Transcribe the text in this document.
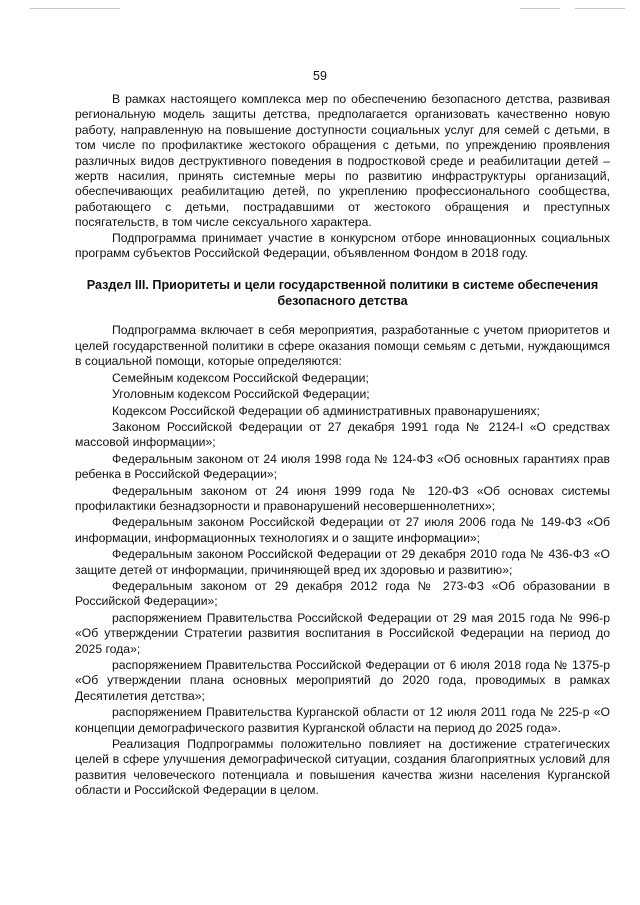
59

В рамках настоящего комплекса мер по обеспечению безопасного детства, развивая региональную модель защиты детства, предполагается организовать качественно новую работу, направленную на повышение доступности социальных услуг для семей с детьми, в том числе по профилактике жестокого обращения с детьми, по упреждению проявления различных видов деструктивного поведения в подростковой среде и реабилитации детей – жертв насилия, принять системные меры по развитию инфраструктуры организаций, обеспечивающих реабилитацию детей, по укреплению профессионального сообщества, работающего с детьми, пострадавшими от жестокого обращения и преступных посягательств, в том числе сексуального характера.

Подпрограмма принимает участие в конкурсном отборе инновационных социальных программ субъектов Российской Федерации, объявленном Фондом в 2018 году.

Раздел III. Приоритеты и цели государственной политики в системе обеспечения безопасного детства

Подпрограмма включает в себя мероприятия, разработанные с учетом приоритетов и целей государственной политики в сфере оказания помощи семьям с детьми, нуждающимся в социальной помощи, которые определяются:

Семейным кодексом Российской Федерации;

Уголовным кодексом Российской Федерации;

Кодексом Российской Федерации об административных правонарушениях;

Законом Российской Федерации от 27 декабря 1991 года № 2124-I «О средствах массовой информации»;

Федеральным законом от 24 июля 1998 года № 124-ФЗ «Об основных гарантиях прав ребенка в Российской Федерации»;

Федеральным законом от 24 июня 1999 года № 120-ФЗ «Об основах системы профилактики безнадзорности и правонарушений несовершеннолетних»;

Федеральным законом Российской Федерации от 27 июля 2006 года № 149-ФЗ «Об информации, информационных технологиях и о защите информации»;

Федеральным законом Российской Федерации от 29 декабря 2010 года № 436-ФЗ «О защите детей от информации, причиняющей вред их здоровью и развитию»;

Федеральным законом от 29 декабря 2012 года № 273-ФЗ «Об образовании в Российской Федерации»;

распоряжением Правительства Российской Федерации от 29 мая 2015 года № 996-р «Об утверждении Стратегии развития воспитания в Российской Федерации на период до 2025 года»;

распоряжением Правительства Российской Федерации от 6 июля 2018 года № 1375-р «Об утверждении плана основных мероприятий до 2020 года, проводимых в рамках Десятилетия детства»;

распоряжением Правительства Курганской области от 12 июля 2011 года № 225-р «О концепции демографического развития Курганской области на период до 2025 года».

Реализация Подпрограммы положительно повлияет на достижение стратегических целей в сфере улучшения демографической ситуации, создания благоприятных условий для развития человеческого потенциала и повышения качества жизни населения Курганской области и Российской Федерации в целом.
